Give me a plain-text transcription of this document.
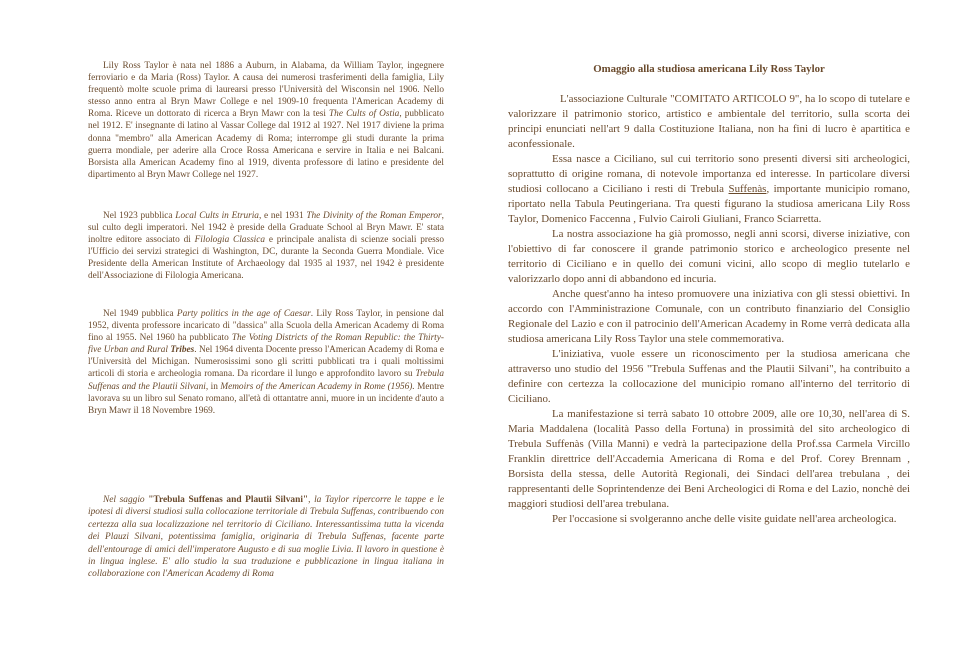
Lily Ross Taylor è nata nel 1886 a Auburn, in Alabama, da William Taylor, ingegnere ferroviario e da Maria (Ross) Taylor. A causa dei numerosi trasferimenti della famiglia, Lily frequentò molte scuole prima di laurearsi presso l'Università del Wisconsin nel 1906. Nello stesso anno entra al Bryn Mawr College e nel 1909-10 frequenta l'American Academy di Roma. Riceve un dottorato di ricerca a Bryn Mawr con la tesi The Cults of Ostia, pubblicato nel 1912. E' insegnante di latino al Vassar College dal 1912 al 1927. Nel 1917 diviene la prima donna "membro" alla American Academy di Roma; interrompe gli studi durante la prima guerra mondiale, per aderire alla Croce Rossa Americana e servire in Italia e nei Balcani. Borsista alla American Academy fino al 1919, diventa professore di latino e presidente del dipartimento al Bryn Mawr College nel 1927.

Nel 1923 pubblica Local Cults in Etruria, e nel 1931 The Divinity of the Roman Emperor, sul culto degli imperatori. Nel 1942 è preside della Graduate School al Bryn Mawr. E' stata inoltre editore associato di Filologia Classica e principale analista di scienze sociali presso l'Ufficio dei servizi strategici di Washington, DC, durante la Seconda Guerra Mondiale. Vice Presidente della American Institute of Archaeology dal 1935 al 1937, nel 1942 è presidente dell'Associazione di Filologia Americana.

Nel 1949 pubblica Party politics in the age of Caesar. Lily Ross Taylor, in pensione dal 1952, diventa professore incaricato di "dassica" alla Scuola della American Academy di Roma fino al 1955. Nel 1960 ha pubblicato The Voting Districts of the Roman Republic: the Thirty-five Urban and Rural Tribes. Nel 1964 diventa Docente presso l'American Academy di Roma e l'Università del Michigan. Numerosissimi sono gli scritti pubblicati tra i quali moltissimi articoli di storia e archeologia romana. Da ricordare il lungo e approfondito lavoro su Trebula Suffenas and the Plautii Silvani, in Memoirs of the American Academy in Rome (1956). Mentre lavorava su un libro sul Senato romano, all'età di ottantatre anni, muore in un incidente d'auto a Bryn Mawr il 18 Novembre 1969.

Nel saggio "Trebula Suffenas and Plautii Silvani", la Taylor ripercorre le tappe e le ipotesi di diversi studiosi sulla collocazione territoriale di Trebula Suffenas, contribuendo con certezza alla sua localizzazione nel territorio di Ciciliano. Interessantissima tutta la vicenda dei Plauzi Silvani, potentissima famiglia, originaria di Trebula Suffenas, facente parte dell'entourage di amici dell'imperatore Augusto e di sua moglie Livia. Il lavoro in questione è in lingua inglese. E' allo studio la sua traduzione e pubblicazione in lingua italiana in collaborazione con l'American Academy di Roma

Omaggio alla studiosa americana Lily Ross Taylor

L'associazione Culturale "COMITATO ARTICOLO 9", ha lo scopo di tutelare e valorizzare il patrimonio storico, artistico e ambientale del territorio, sulla scorta dei principi enunciati nell'art 9 dalla Costituzione Italiana, non ha fini di lucro è apartitica e aconfessionale.

Essa nasce a Ciciliano, sul cui territorio sono presenti diversi siti archeologici, soprattutto di origine romana, di notevole importanza ed interesse. In particolare diversi studiosi collocano a Ciciliano i resti di Trebula Suffenàs, importante municipio romano, riportato nella Tabula Peutingeriana. Tra questi figurano la studiosa americana Lily Ross Taylor, Domenico Faccenna , Fulvio Cairoli Giuliani, Franco Sciarretta.

La nostra associazione ha già promosso, negli anni scorsi, diverse iniziative, con l'obiettivo di far conoscere il grande patrimonio storico e archeologico presente nel territorio di Ciciliano e in quello dei comuni vicini, allo scopo di meglio tutelarlo e valorizzarlo dopo anni di abbandono ed incuria.

Anche quest'anno ha inteso promuovere una iniziativa con gli stessi obiettivi. In accordo con l'Amministrazione Comunale, con un contributo finanziario del Consiglio Regionale del Lazio e con il patrocinio dell'American Academy in Rome verrà dedicata alla studiosa americana Lily Ross Taylor una stele commemorativa.

L'iniziativa, vuole essere un riconoscimento per la studiosa americana che attraverso uno studio del 1956 "Trebula Suffenas and the Plautii Silvani", ha contribuito a definire con certezza la collocazione del municipio romano all'interno del territorio di Ciciliano.

La manifestazione si terrà sabato 10 ottobre 2009, alle ore 10,30, nell'area di S. Maria Maddalena (località Passo della Fortuna) in prossimità del sito archeologico di Trebula Suffenàs (Villa Manni) e vedrà la partecipazione della Prof.ssa Carmela Vircillo Franklin direttrice dell'Accademia Americana di Roma e del Prof. Corey Brennam , Borsista della stessa, delle Autorità Regionali, dei Sindaci dell'area trebulana , dei rappresentanti delle Soprintendenze dei Beni Archeologici di Roma e del Lazio, nonchè dei maggiori studiosi dell'area trebulana.

Per l'occasione si svolgeranno anche delle visite guidate nell'area archeologica.
